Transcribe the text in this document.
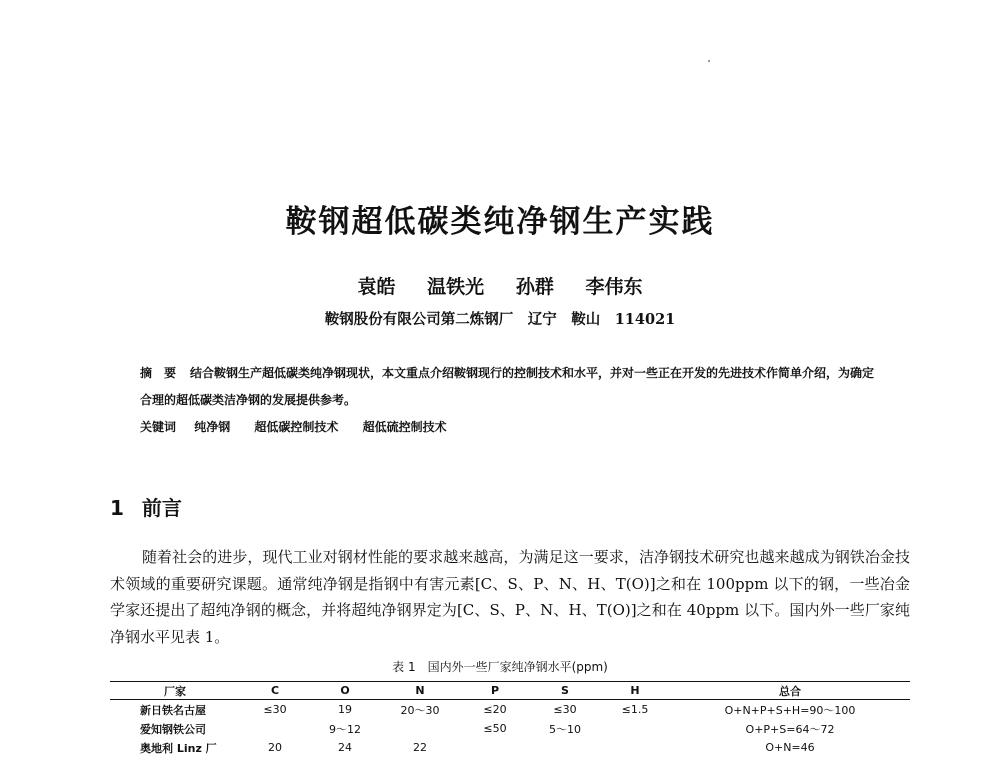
鞍钢超低碳类纯净钢生产实践
袁皓　 温铁光　 孙群　 李伟东
鞍钢股份有限公司第二炼钢厂　辽宁　鞍山　114021
摘　要 结合鞍钢生产超低碳类纯净钢现状，本文重点介绍鞍钢现行的控制技术和水平，并对一些正在开发的先进技术作简单介绍，为确定合理的超低碳类洁净钢的发展提供参考。
关键词 纯净钢 超低碳控制技术 超低硫控制技术
1 前言

随着社会的进步，现代工业对钢材性能的要求越来越高，为满足这一要求，洁净钢技术研究也越来越成为钢铁冶金技术领域的重要研究课题。通常纯净钢是指钢中有害元素[C、S、P、N、H、T(O)]之和在 100ppm 以下的钢，一些冶金学家还提出了超纯净钢的概念，并将超纯净钢界定为[C、S、P、N、H、T(O)]之和在 40ppm 以下。国内外一些厂家纯净钢水平见表 1。

表 1　国内外一些厂家纯净钢水平(ppm)
厂家	C	O	N	P	S	H	总合
新日铁名古屋	≤30	19	20～30	≤20	≤30	≤1.5	O+N+P+S+H=90～100
爱知钢铁公司		9～12		≤50	5～10		O+P+S=64～72
奥地利 Linz 厂	20	24	22				O+N=46
